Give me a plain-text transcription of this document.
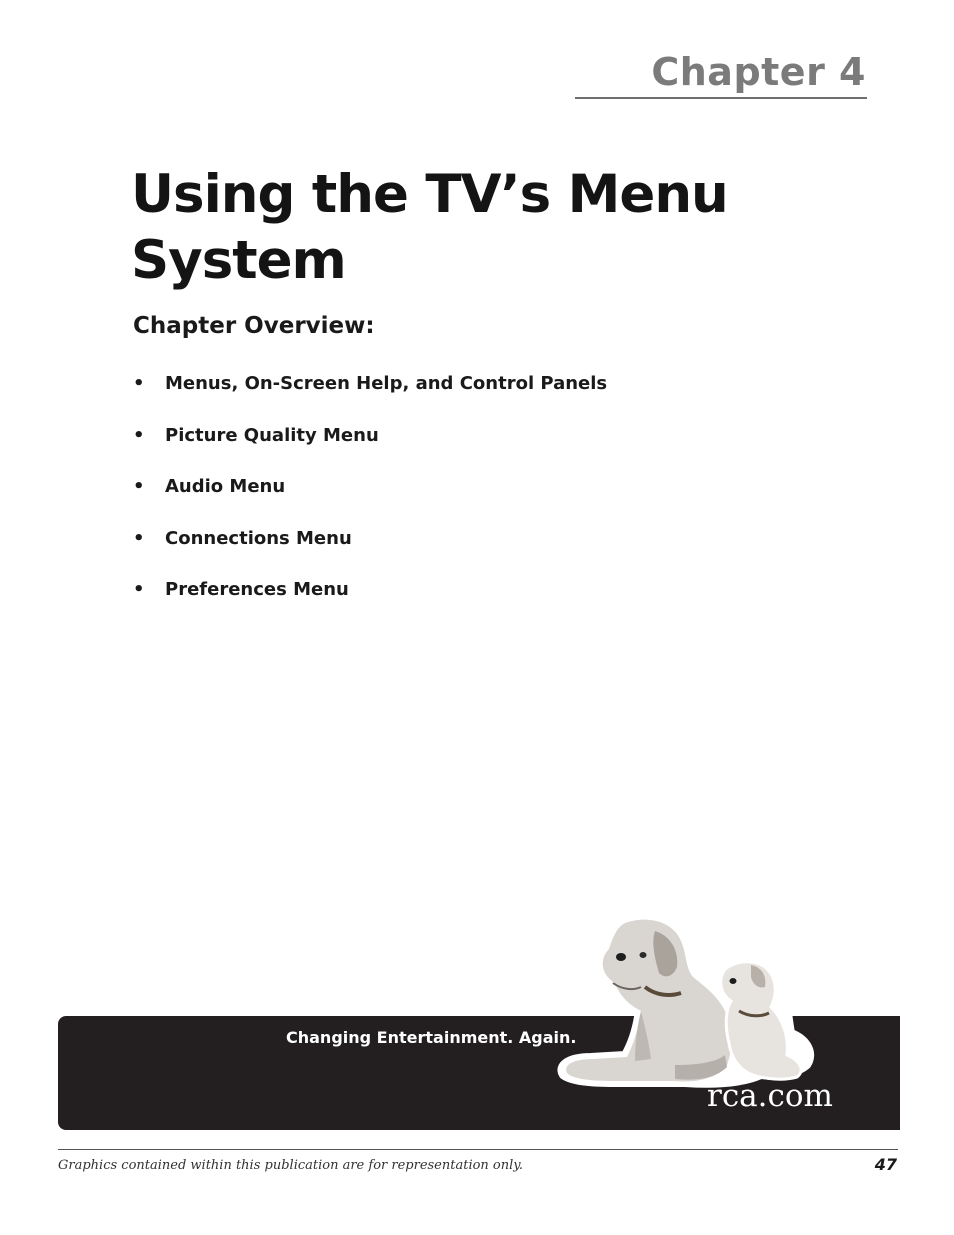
Chapter 4
Using the TV’s Menu System
Chapter Overview:
• Menus, On-Screen Help, and Control Panels
• Picture Quality Menu
• Audio Menu
• Connections Menu
• Preferences Menu
Changing Entertainment. Again.
rca.com
Graphics contained within this publication are for representation only.	47
